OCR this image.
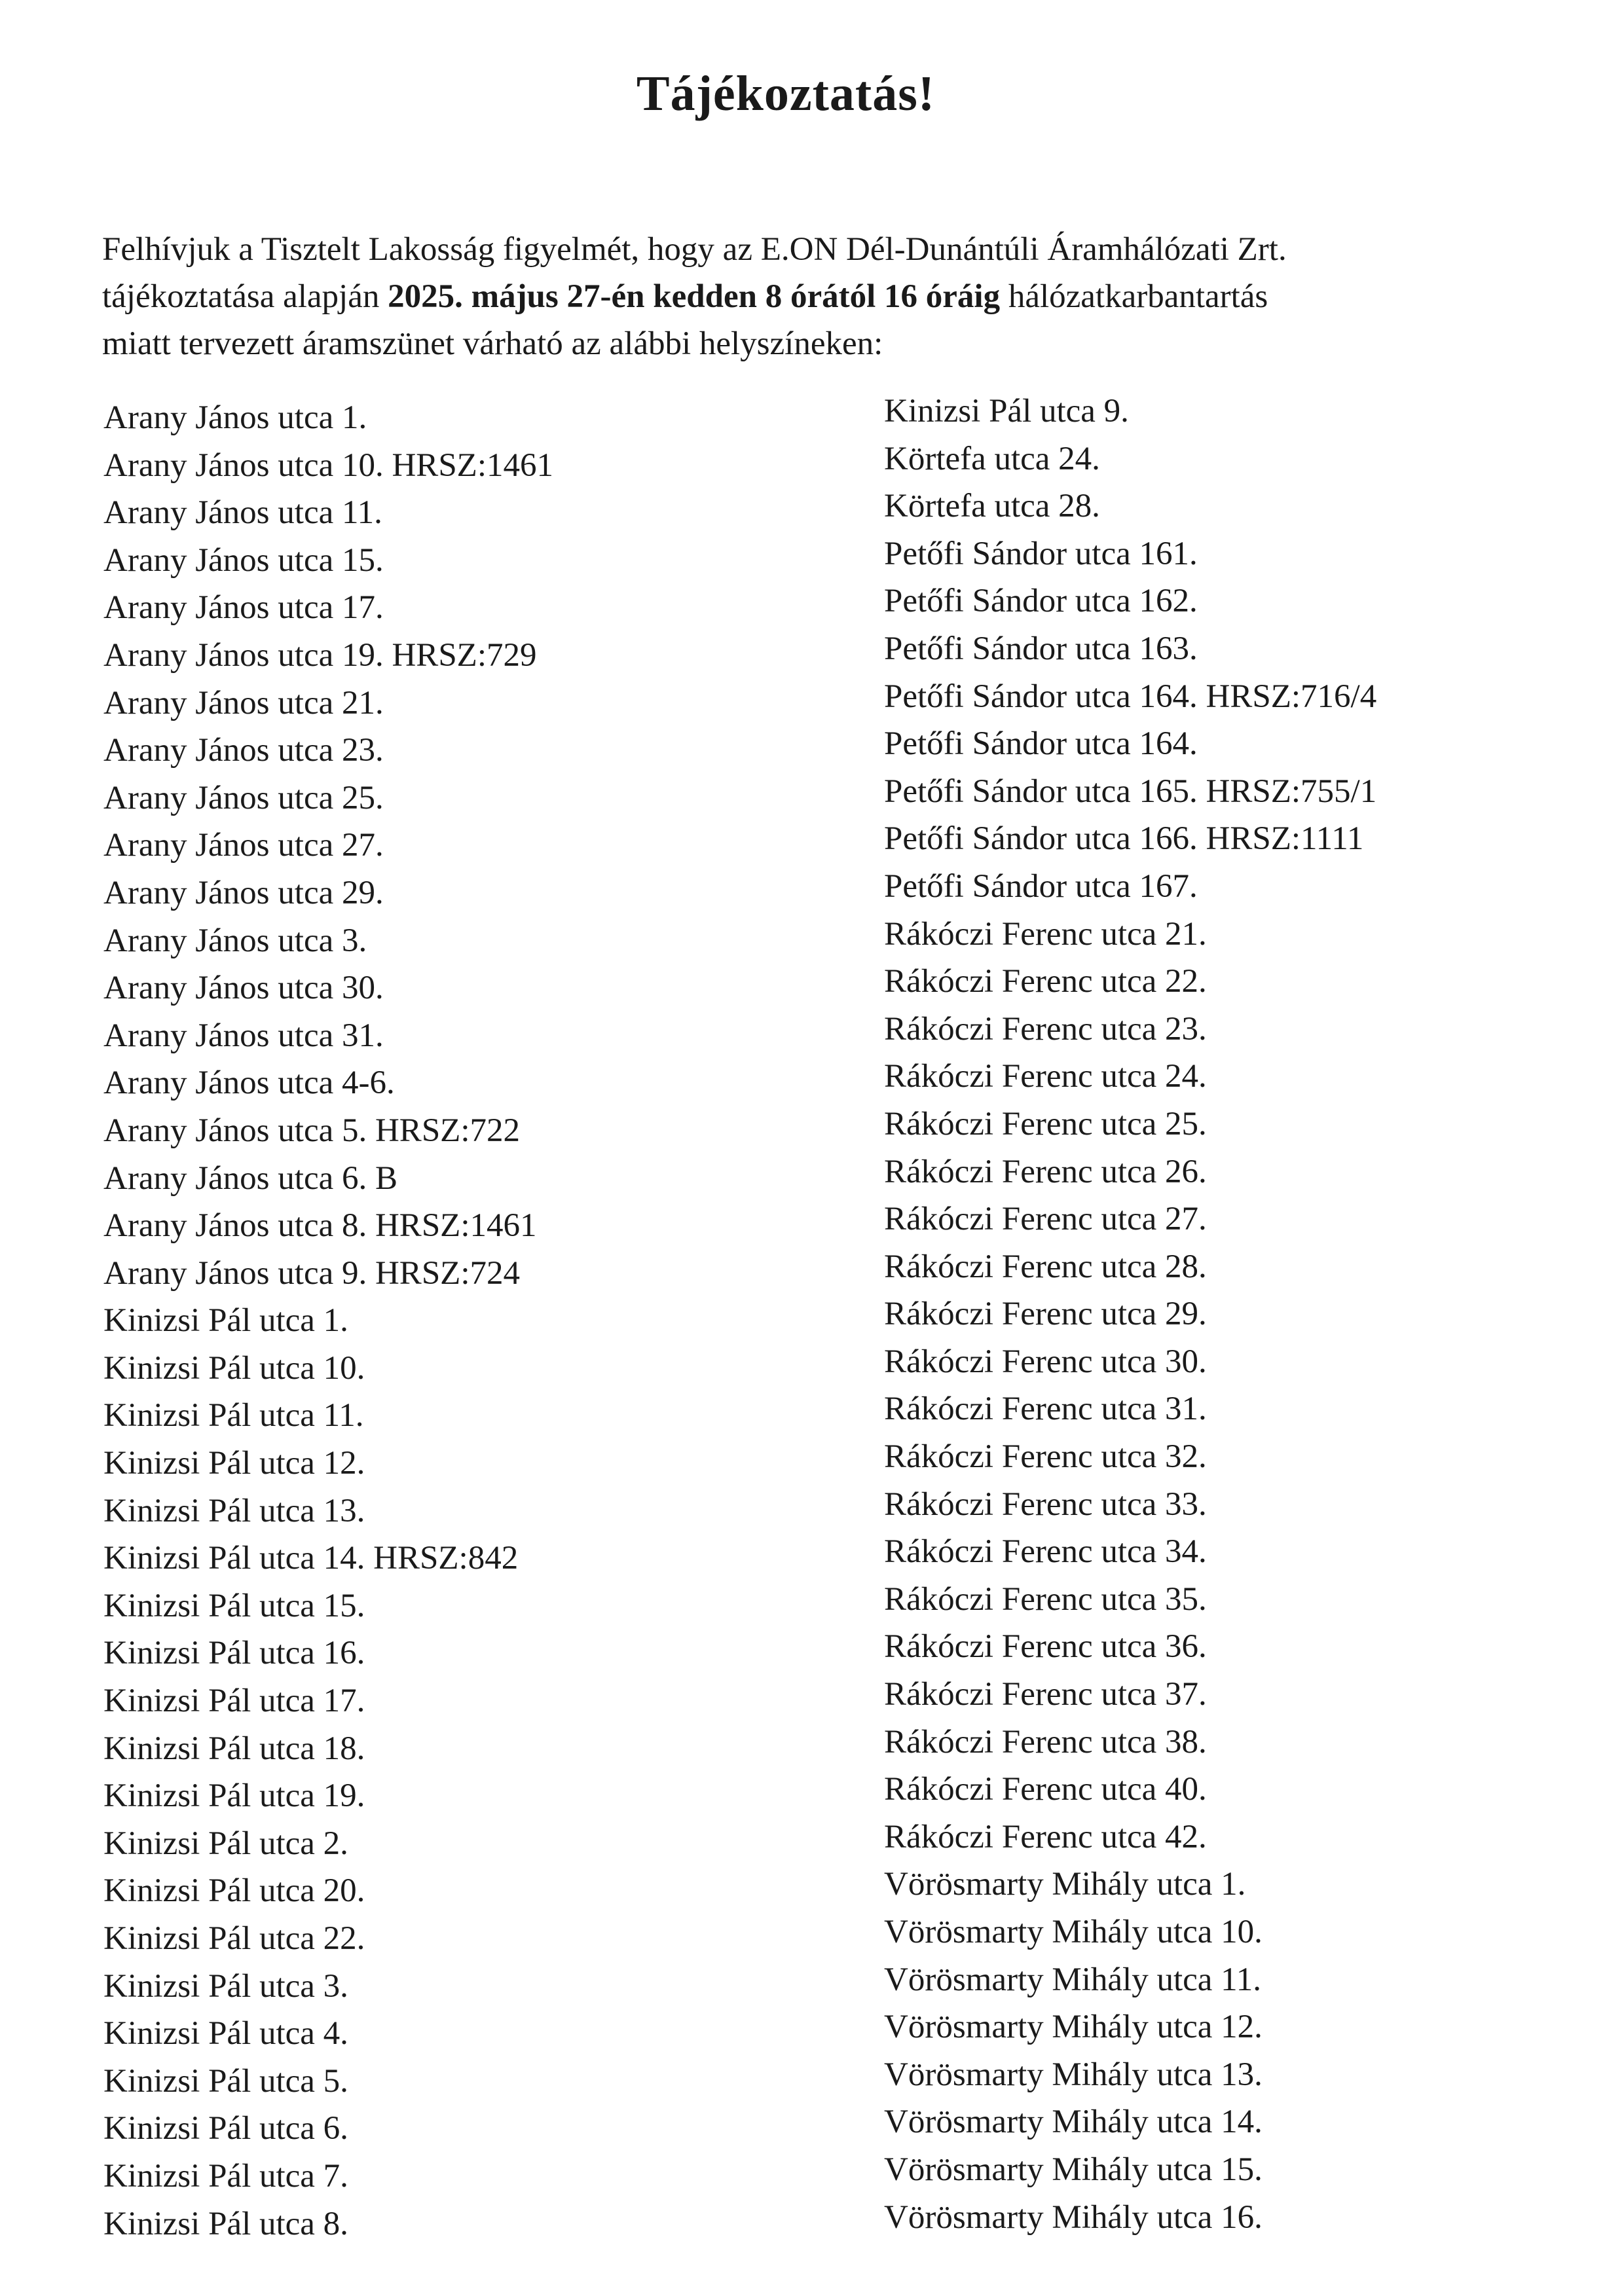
Tájékoztatás!
Felhívjuk a Tisztelt Lakosság figyelmét, hogy az E.ON Dél-Dunántúli Áramhálózati Zrt.
tájékoztatása alapján 2025. május 27-én kedden 8 órától 16 óráig hálózatkarbantartás
miatt tervezett áramszünet várható az alábbi helyszíneken:
Arany János utca 1.
Arany János utca 10. HRSZ:1461
Arany János utca 11.
Arany János utca 15.
Arany János utca 17.
Arany János utca 19. HRSZ:729
Arany János utca 21.
Arany János utca 23.
Arany János utca 25.
Arany János utca 27.
Arany János utca 29.
Arany János utca 3.
Arany János utca 30.
Arany János utca 31.
Arany János utca 4-6.
Arany János utca 5. HRSZ:722
Arany János utca 6. B
Arany János utca 8. HRSZ:1461
Arany János utca 9. HRSZ:724
Kinizsi Pál utca 1.
Kinizsi Pál utca 10.
Kinizsi Pál utca 11.
Kinizsi Pál utca 12.
Kinizsi Pál utca 13.
Kinizsi Pál utca 14. HRSZ:842
Kinizsi Pál utca 15.
Kinizsi Pál utca 16.
Kinizsi Pál utca 17.
Kinizsi Pál utca 18.
Kinizsi Pál utca 19.
Kinizsi Pál utca 2.
Kinizsi Pál utca 20.
Kinizsi Pál utca 22.
Kinizsi Pál utca 3.
Kinizsi Pál utca 4.
Kinizsi Pál utca 5.
Kinizsi Pál utca 6.
Kinizsi Pál utca 7.
Kinizsi Pál utca 8.
Kinizsi Pál utca 9.
Körtefa utca 24.
Körtefa utca 28.
Petőfi Sándor utca 161.
Petőfi Sándor utca 162.
Petőfi Sándor utca 163.
Petőfi Sándor utca 164. HRSZ:716/4
Petőfi Sándor utca 164.
Petőfi Sándor utca 165. HRSZ:755/1
Petőfi Sándor utca 166. HRSZ:1111
Petőfi Sándor utca 167.
Rákóczi Ferenc utca 21.
Rákóczi Ferenc utca 22.
Rákóczi Ferenc utca 23.
Rákóczi Ferenc utca 24.
Rákóczi Ferenc utca 25.
Rákóczi Ferenc utca 26.
Rákóczi Ferenc utca 27.
Rákóczi Ferenc utca 28.
Rákóczi Ferenc utca 29.
Rákóczi Ferenc utca 30.
Rákóczi Ferenc utca 31.
Rákóczi Ferenc utca 32.
Rákóczi Ferenc utca 33.
Rákóczi Ferenc utca 34.
Rákóczi Ferenc utca 35.
Rákóczi Ferenc utca 36.
Rákóczi Ferenc utca 37.
Rákóczi Ferenc utca 38.
Rákóczi Ferenc utca 40.
Rákóczi Ferenc utca 42.
Vörösmarty Mihály utca 1.
Vörösmarty Mihály utca 10.
Vörösmarty Mihály utca 11.
Vörösmarty Mihály utca 12.
Vörösmarty Mihály utca 13.
Vörösmarty Mihály utca 14.
Vörösmarty Mihály utca 15.
Vörösmarty Mihály utca 16.
